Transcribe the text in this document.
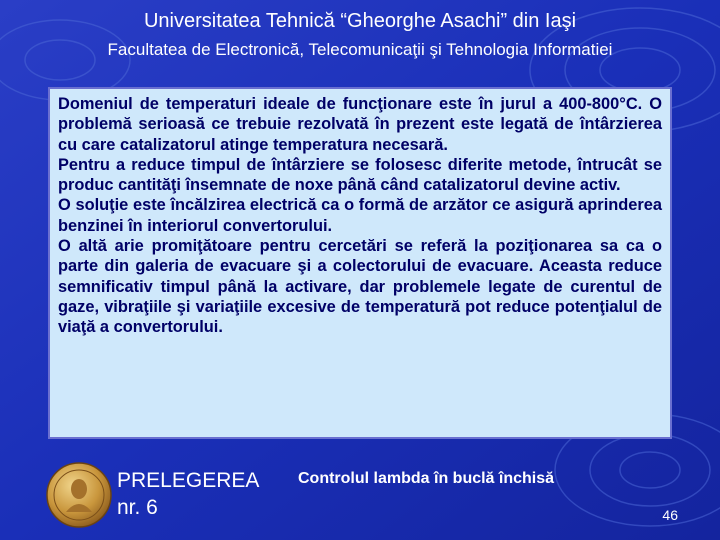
Universitatea Tehnică “Gheorghe Asachi” din Iaşi
Facultatea de Electronică, Telecomunicaţii şi Tehnologia Informatiei

Domeniul de temperaturi ideale de funcţionare este în jurul a 400-800°C. O problemă serioasă ce trebuie rezolvată în prezent este legată de întârzierea cu care catalizatorul atinge temperatura necesară.

Pentru a reduce timpul de întârziere se folosesc diferite metode, întrucât se produc cantităţi însemnate de noxe până când catalizatorul devine activ.

O soluţie este încălzirea electrică ca o formă de arzător ce asigură aprinderea benzinei în interiorul convertorului.

O altă arie promiţătoare pentru cercetări se referă la poziţionarea sa ca o parte din galeria de evacuare şi a colectorului de evacuare. Aceasta reduce semnificativ timpul până la activare, dar problemele legate de curentul de gaze, vibraţiile şi variaţiile excesive de temperatură pot reduce potenţialul de viaţă a convertorului.

PRELEGEREA
nr. 6
Controlul lambda în buclă închisă
46
